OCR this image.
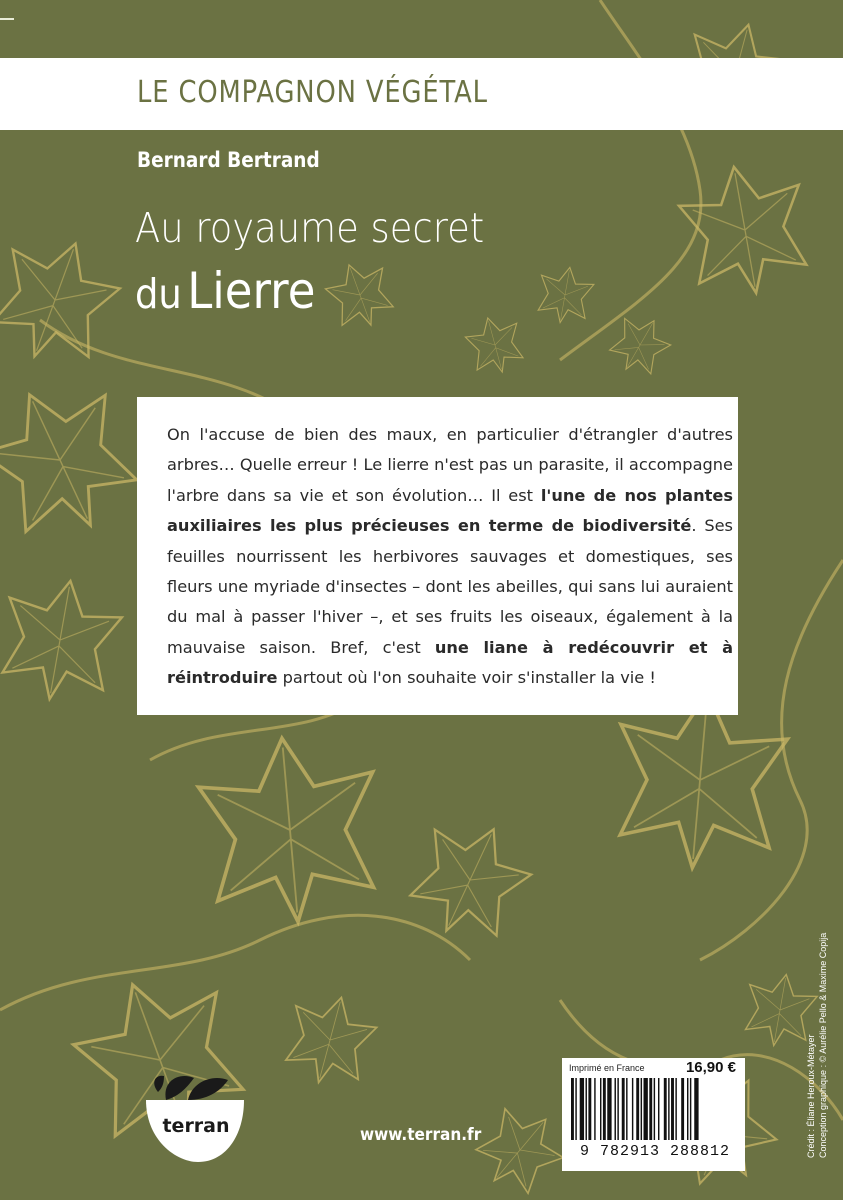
LE COMPAGNON VÉGÉTAL
Bernard Bertrand
Au royaume secret
du Lierre

On l'accuse de bien des maux, en particulier d'étrangler d'autres arbres… Quelle erreur ! Le lierre n'est pas un parasite, il accompagne l'arbre dans sa vie et son évolution… Il est l'une de nos plantes auxiliaires les plus précieuses en terme de biodiversité. Ses feuilles nourrissent les herbivores sauvages et domestiques, ses fleurs une myriade d'insectes – dont les abeilles, qui sans lui auraient du mal à passer l'hiver –, et ses fruits les oiseaux, également à la mauvaise saison. Bref, c'est une liane à redécouvrir et à réintroduire partout où l'on souhaite voir s'installer la vie !

terran	www.terran.fr
Imprimé en France	16,90 €
9 782913 288812	Crédit : Éliane Heroux-Métayer Conception graphique : © Aurélie Pello & Maxime Copija
